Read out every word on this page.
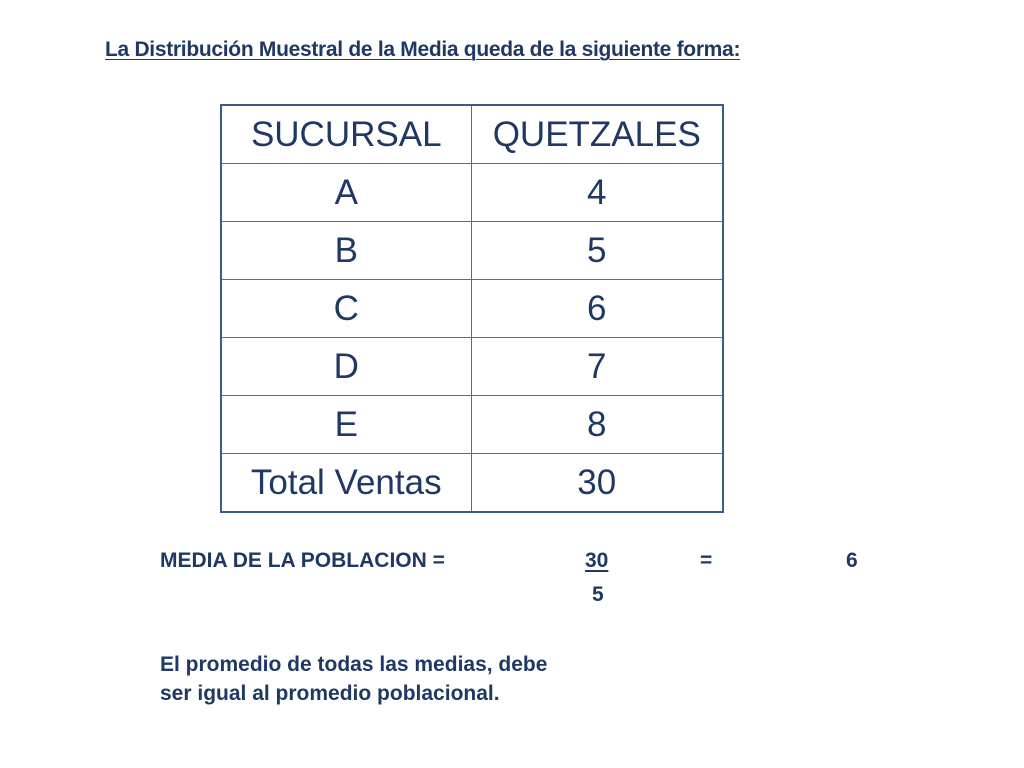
La Distribución Muestral de la Media queda de la siguiente forma:
SUCURSAL	QUETZALES
A	4
B	5
C	6
D	7
E	8
Total Ventas	30
MEDIA DE LA POBLACION =	30	=	6
5
El promedio de todas las medias, debe
ser igual al promedio poblacional.
